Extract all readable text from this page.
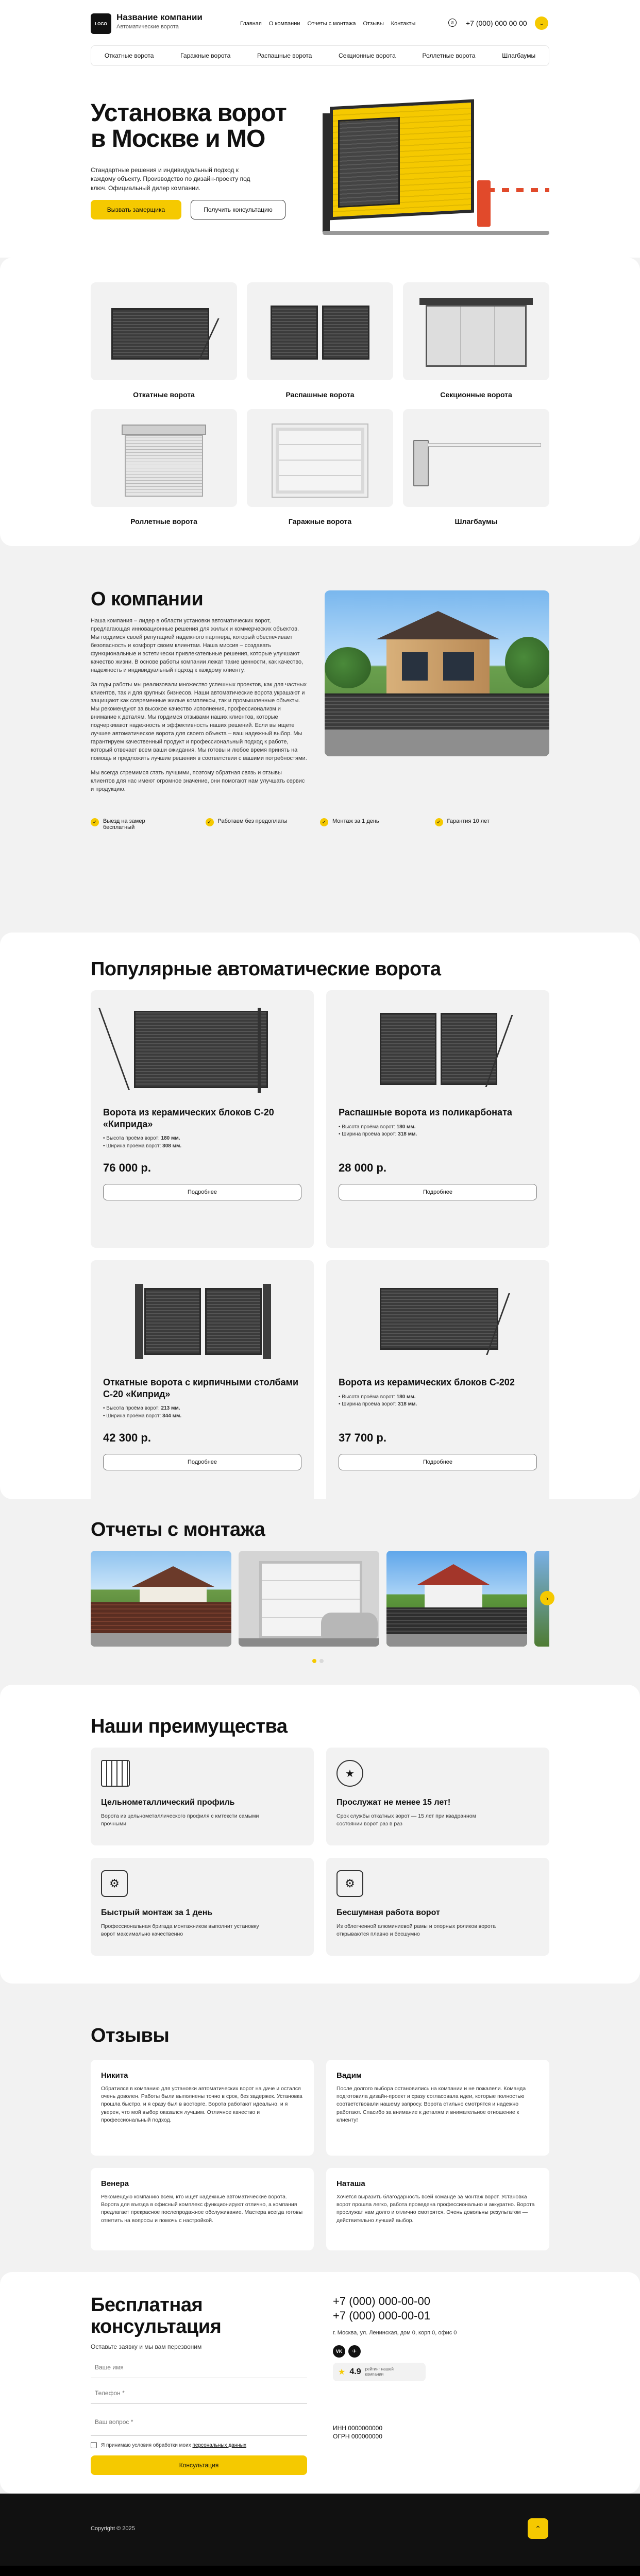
LOGO
Название компании
Автоматические ворота	Главная О компании Отчеты с монтажа Отзывы Контакты	✆	+7 (000) 000 00 00	⌄
Откатные ворота	Гаражные ворота	Распашные ворота	Секционные ворота	Роллетные ворота	Шлагбаумы
Установка ворот
в Москве и МО
Стандартные решения и индивидуальный подход к каждому объекту. Производство по дизайн-проекту под ключ. Официальный дилер компании.
Вызвать замерщика	Получить консультацию
Откатные ворота	Распашные ворота	Секционные ворота
Роллетные ворота	Гаражные ворота	Шлагбаумы
О компании

Наша компания – лидер в области установки автоматических ворот, предлагающая инновационные решения для жилых и коммерческих объектов. Мы гордимся своей репутацией надежного партнера, который обеспечивает безопасность и комфорт своим клиентам. Наша миссия – создавать функциональные и эстетически привлекательные решения, которые улучшают качество жизни. В основе работы компании лежат такие ценности, как качество, надежность и индивидуальный подход к каждому клиенту.

За годы работы мы реализовали множество успешных проектов, как для частных клиентов, так и для крупных бизнесов. Наши автоматические ворота украшают и защищают как современные жилые комплексы, так и промышленные объекты. Мы рекомендуют за высокое качество исполнения, профессионализм и внимание к деталям. Мы гордимся отзывами наших клиентов, которые подчеркивают надежность и эффективность наших решений. Если вы ищете лучшее автоматическое ворота для своего объекта – ваш надежный выбор. Мы гарантируем качественный продукт и профессиональный подход к работе, который отвечает всем ваши ожидания. Мы готовы и любое время принять на помощь и предложить лучшие решения в соответствии с вашими потребностями.

Мы всегда стремимся стать лучшими, поэтому обратная связь и отзывы клиентов для нас имеют огромное значение, они помогают нам улучшать сервис и продукцию.

✓	Выезд на замер бесплатный
✓	Работаем без предоплаты	✓	Монтаж за 1 день	✓	Гарантия 10 лет
Популярные автоматические ворота
Ворота из керамических блоков С-20 «Киприда»
• Высота проёма ворот: 180 мм.
• Ширина проёма ворот: 308 мм.
76 000 р.
Подробнее
Распашные ворота из поликарбоната
• Высота проёма ворот: 180 мм.
• Ширина проёма ворот: 318 мм.
28 000 р.
Подробнее
Откатные ворота с кирпичными столбами С-20 «Киприд»
• Высота проёма ворот: 213 мм.
• Ширина проёма ворот: 344 мм.
42 300 р.
Подробнее
Ворота из керамических блоков С-202
• Высота проёма ворот: 180 мм.
• Ширина проёма ворот: 318 мм.
37 700 р.
Подробнее
Отчеты с монтажа
›
Наши преимущества
Цельнометаллический профиль
Ворота из цельнометаллического профиля с кмтексти самыми прочными
★
Прослужат не менее 15 лет!
Срок службы откатных ворот — 15 лет при квадранном состоянии ворот раз в раз
⚙
Быстрый монтаж за 1 день
Профессиональная бригада монтажников выполнит установку ворот максимально качественно
⚙
Бесшумная работа ворот
Из облегченной алюминиевой рамы и опорных роликов ворота открываются плавно и бесшумно
Отзывы
Никита
Обратился в компанию для установки автоматических ворот на даче и остался очень доволен. Работы были выполнены точно в срок, без задержек. Установка прошла быстро, и я сразу был в восторге. Ворота работают идеально, и я уверен, что мой выбор оказался лучшим. Отличное качество и профессиональный подход.
Вадим
После долгого выбора остановились на компании и не пожалели. Команда подготовила дизайн-проект и сразу согласовала идеи, которые полностью соответствовали нашему запросу. Ворота стильно смотрятся и надежно работают. Спасибо за внимание к деталям и внимательное отношение к клиенту!
Венера
Рекомендую компанию всем, кто ищет надежные автоматические ворота. Ворота для въезда в офисный комплекс функционируют отлично, а компания предлагает прекрасное послепродажное обслуживание. Мастера всегда готовы ответить на вопросы и помочь с настройкой.
Наташа
Хочется выразить благодарность всей команде за монтаж ворот. Установка ворот прошла легко, работа проведена профессионально и аккуратно. Ворота прослужат нам долго и отлично смотрятся. Очень довольны результатом — действительно лучший выбор.
Бесплатная консультация
Оставьте заявку и мы вам перезвоним
Ваше имя Телефон * Ваш вопрос *
Я принимаю условия обработки моих персональных данных
Консультация
+7 (000) 000-00-00
+7 (000) 000-00-01
г. Москва, ул. Ленинская, дом 0, корп 0, офис 0
VK	✈
★ 4.9 рейтинг нашей компании
ИНН 0000000000
ОГРН 000000000
Copyright © 2025	⌃
